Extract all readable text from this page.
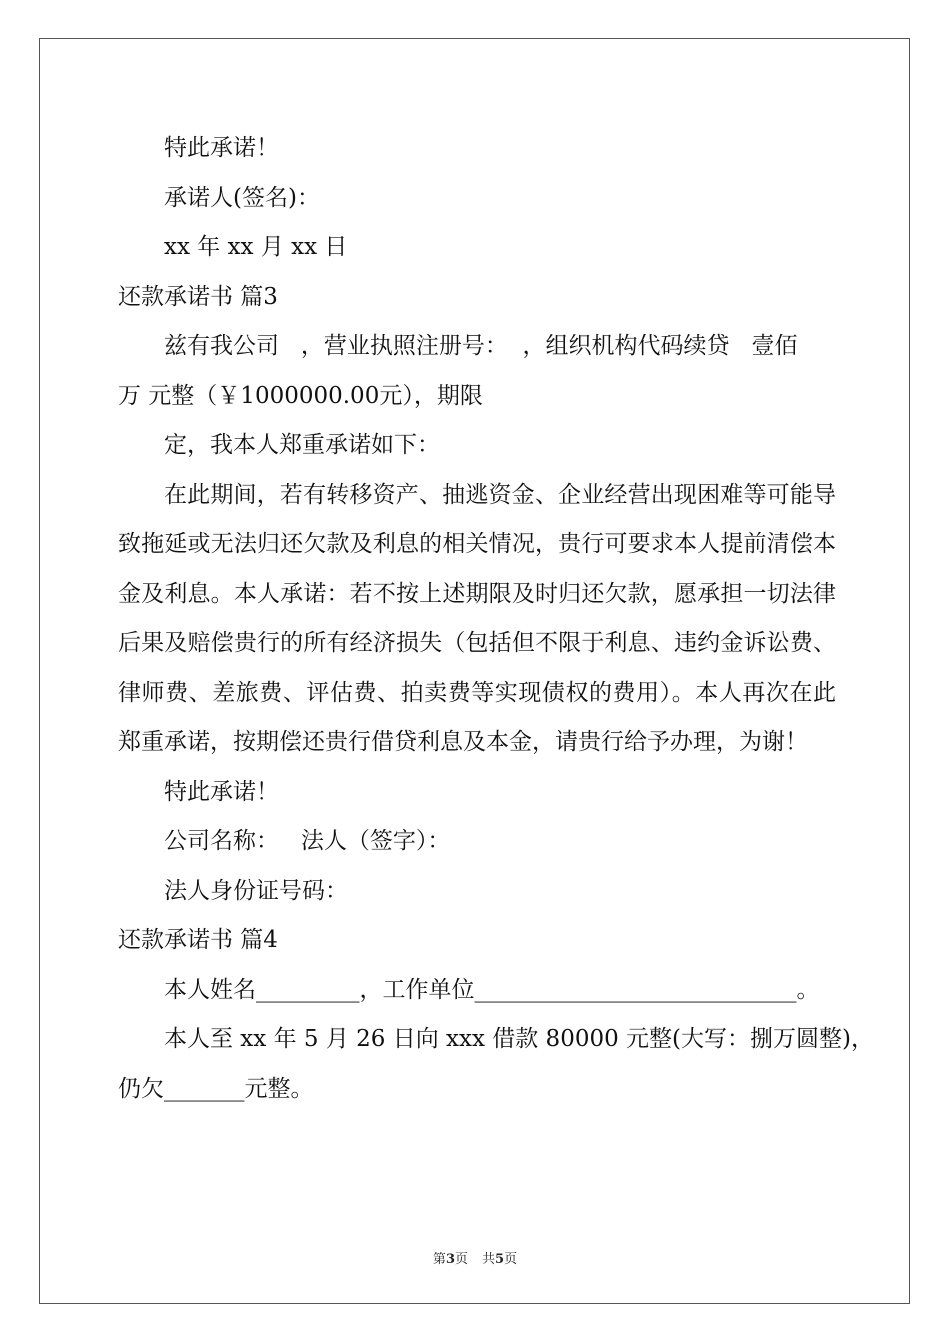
特此承诺！
承诺人(签名)：
xx 年 xx 月 xx 日
还款承诺书 篇3
兹有我公司   ，营业执照注册号：  ，组织机构代码续贷   壹佰
万 元整（￥1000000.00元），期限
定，我本人郑重承诺如下：

在此期间，若有转移资产、抽逃资金、企业经营出现困难等可能导致拖延或无法归还欠款及利息的相关情况，贵行可要求本人提前清偿本金及利息。本人承诺：若不按上述期限及时归还欠款，愿承担一切法律后果及赔偿贵行的所有经济损失（包括但不限于利息、违约金诉讼费、律师费、差旅费、评估费、拍卖费等实现债权的费用）。本人再次在此郑重承诺，按期偿还贵行借贷利息及本金，请贵行给予办理，为谢！

特此承诺！
公司名称：   法人（签字）：
法人身份证号码：
还款承诺书 篇4
本人姓名_________，工作单位____________________________。
本人至 xx 年 5 月 26 日向 xxx 借款 80000 元整(大写：捌万圆整)，
仍欠_______元整。
第3页 共5页
